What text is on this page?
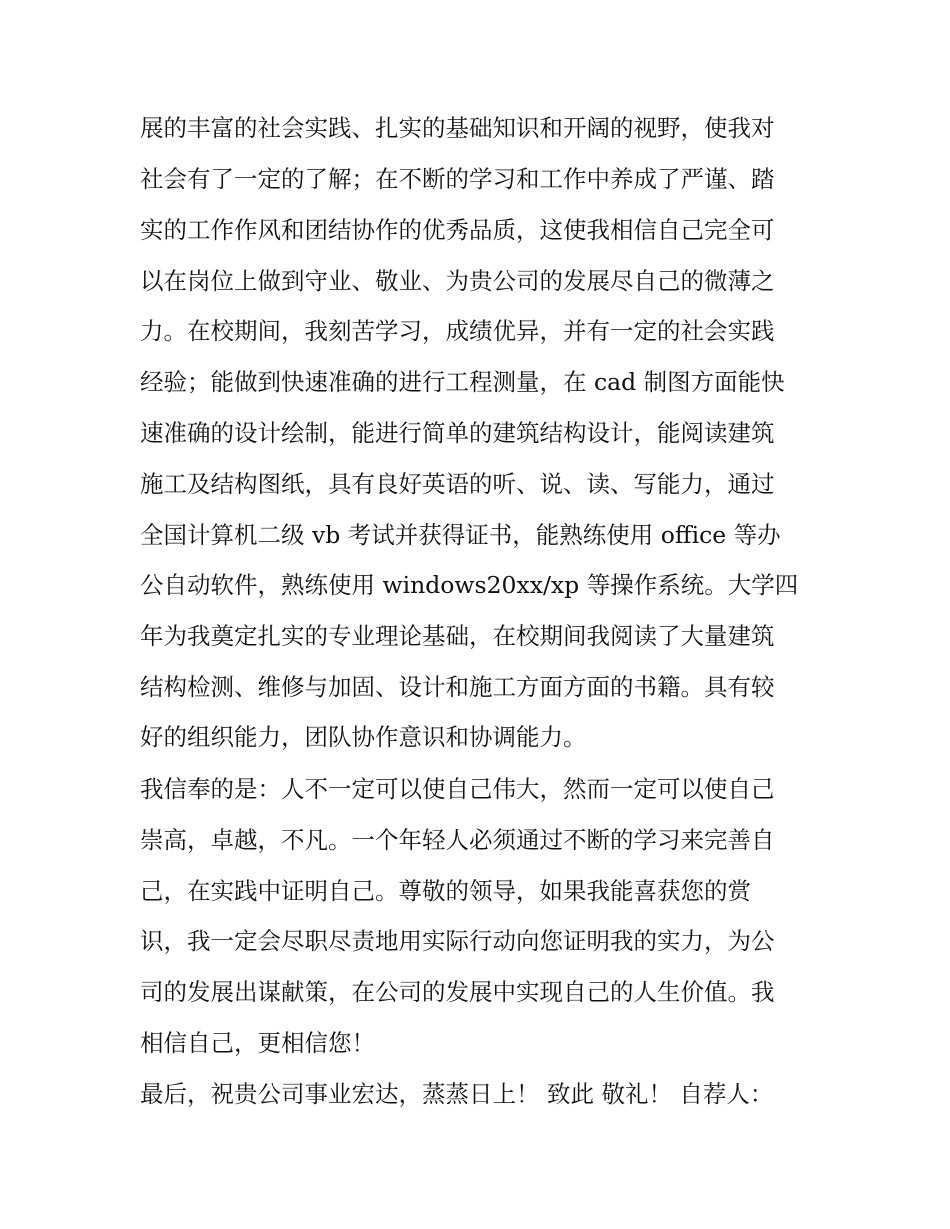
展的丰富的社会实践、扎实的基础知识和开阔的视野，使我对
社会有了一定的了解；在不断的学习和工作中养成了严谨、踏
实的工作作风和团结协作的优秀品质，这使我相信自己完全可
以在岗位上做到守业、敬业、为贵公司的发展尽自己的微薄之
力。在校期间，我刻苦学习，成绩优异，并有一定的社会实践
经验；能做到快速准确的进行工程测量，在 cad 制图方面能快
速准确的设计绘制，能进行简单的建筑结构设计，能阅读建筑
施工及结构图纸，具有良好英语的听、说、读、写能力，通过
全国计算机二级 vb 考试并获得证书，能熟练使用 office 等办
公自动软件，熟练使用 windows20xx/xp 等操作系统。大学四
年为我奠定扎实的专业理论基础，在校期间我阅读了大量建筑
结构检测、维修与加固、设计和施工方面方面的书籍。具有较
好的组织能力，团队协作意识和协调能力。
我信奉的是：人不一定可以使自己伟大，然而一定可以使自己
崇高，卓越，不凡。一个年轻人必须通过不断的学习来完善自
己，在实践中证明自己。尊敬的领导，如果我能喜获您的赏
识，我一定会尽职尽责地用实际行动向您证明我的实力，为公
司的发展出谋献策，在公司的发展中实现自己的人生价值。我
相信自己，更相信您！
最后，祝贵公司事业宏达，蒸蒸日上！ 致此 敬礼！ 自荐人：
